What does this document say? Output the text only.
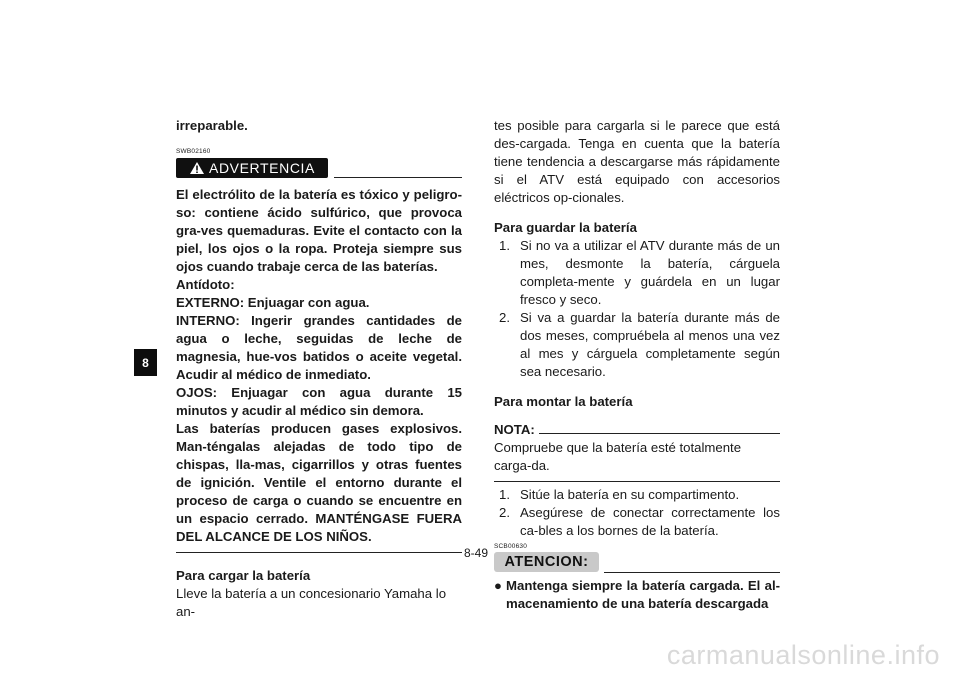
8

irreparable.

SWB02160
ADVERTENCIA

El electrólito de la batería es tóxico y peligro-so: contiene ácido sulfúrico, que provoca gra-ves quemaduras. Evite el contacto con la piel, los ojos o la ropa. Proteja siempre sus ojos cuando trabaje cerca de las baterías.

Antídoto:

EXTERNO: Enjuagar con agua.

INTERNO: Ingerir grandes cantidades de agua o leche, seguidas de leche de magnesia, hue-vos batidos o aceite vegetal. Acudir al médico de inmediato.

OJOS: Enjuagar con agua durante 15 minutos y acudir al médico sin demora.

Las baterías producen gases explosivos. Man-téngalas alejadas de todo tipo de chispas, lla-mas, cigarrillos y otras fuentes de ignición. Ventile el entorno durante el proceso de carga o cuando se encuentre en un espacio cerrado. MANTÉNGASE FUERA DEL ALCANCE DE LOS NIÑOS.

Para cargar la batería

Lleve la batería a un concesionario Yamaha lo an-

tes posible para cargarla si le parece que está des-cargada. Tenga en cuenta que la batería tiene tendencia a descargarse más rápidamente si el ATV está equipado con accesorios eléctricos op-cionales.

Para guardar la batería

1. Si no va a utilizar el ATV durante más de un mes, desmonte la batería, cárguela completa-mente y guárdela en un lugar fresco y seco.
2. Si va a guardar la batería durante más de dos meses, compruébela al menos una vez al mes y cárguela completamente según sea necesario.

Para montar la batería

NOTA:

Compruebe que la batería esté totalmente carga-da.

1. Sitúe la batería en su compartimento.
2. Asegúrese de conectar correctamente los ca-bles a los bornes de la batería.
SCB00630
ATENCION:
● Mantenga siempre la batería cargada. El al-macenamiento de una batería descargada
8-49
carmanualsonline.info
